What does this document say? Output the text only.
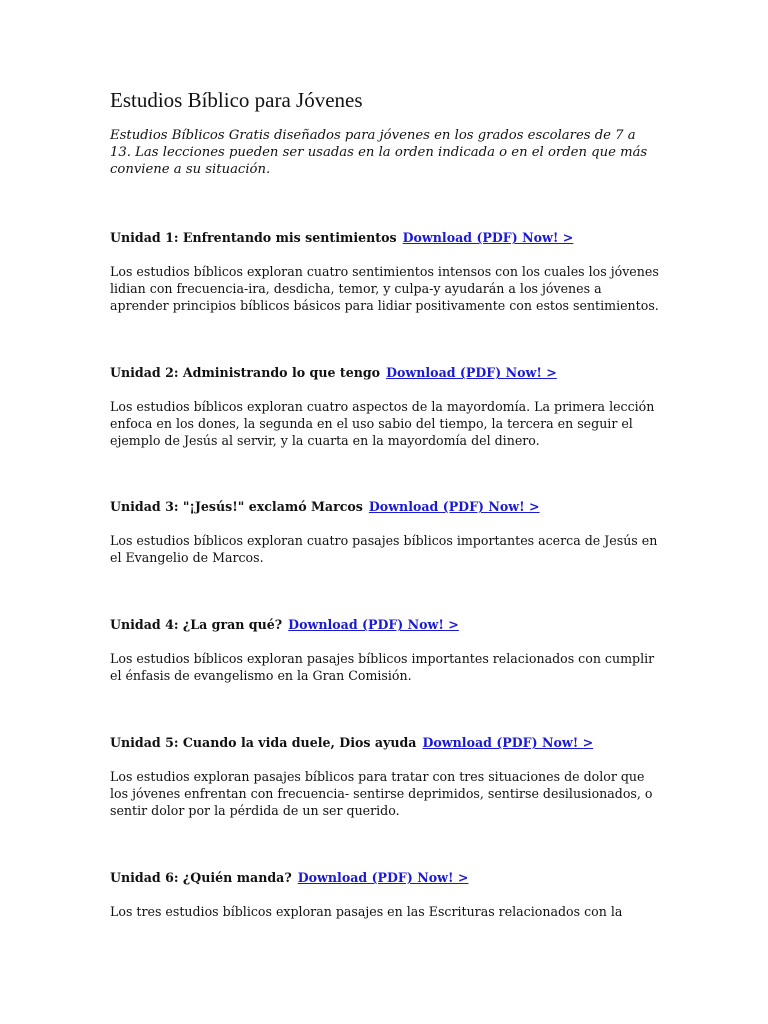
Estudios Bíblico para Jóvenes

Estudios Bíblicos Gratis diseñados para jóvenes en los grados escolares de 7 a 13. Las lecciones pueden ser usadas en la orden indicada o en el orden que más conviene a su situación.

Unidad 1: Enfrentando mis sentimientos Download (PDF) Now! >

Los estudios bíblicos exploran cuatro sentimientos intensos con los cuales los jóvenes lidian con frecuencia-ira, desdicha, temor, y culpa-y ayudarán a los jóvenes a aprender principios bíblicos básicos para lidiar positivamente con estos sentimientos.

Unidad 2: Administrando lo que tengo Download (PDF) Now! >

Los estudios bíblicos exploran cuatro aspectos de la mayordomía. La primera lección enfoca en los dones, la segunda en el uso sabio del tiempo, la tercera en seguir el ejemplo de Jesús al servir, y la cuarta en la mayordomía del dinero.

Unidad 3: "¡Jesús!" exclamó Marcos Download (PDF) Now! >

Los estudios bíblicos exploran cuatro pasajes bíblicos importantes acerca de Jesús en el Evangelio de Marcos.

Unidad 4: ¿La gran qué? Download (PDF) Now! >

Los estudios bíblicos exploran pasajes bíblicos importantes relacionados con cumplir el énfasis de evangelismo en la Gran Comisión.

Unidad 5: Cuando la vida duele, Dios ayuda Download (PDF) Now! >

Los estudios exploran pasajes bíblicos para tratar con tres situaciones de dolor que los jóvenes enfrentan con frecuencia- sentirse deprimidos, sentirse desilusionados, o sentir dolor por la pérdida de un ser querido.

Unidad 6: ¿Quién manda? Download (PDF) Now! >

Los tres estudios bíblicos exploran pasajes en las Escrituras relacionados con la
